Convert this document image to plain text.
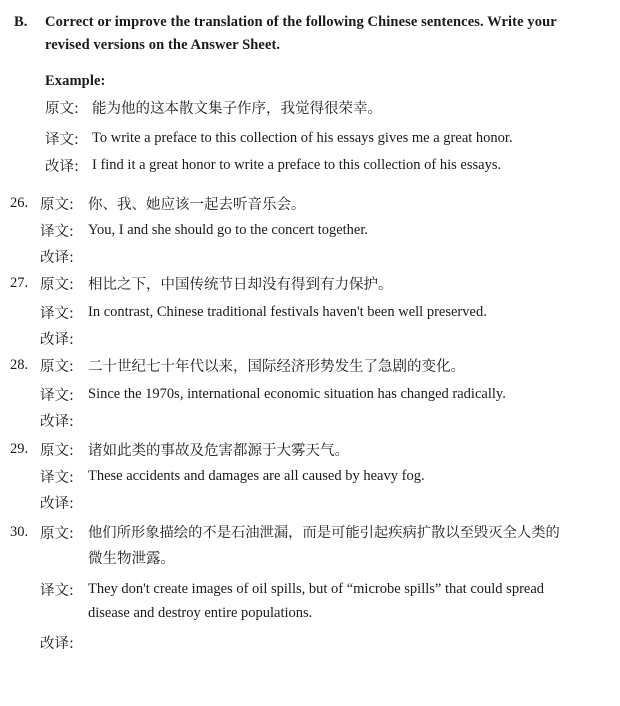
B. Correct or improve the translation of the following Chinese sentences. Write your
revised versions on the Answer Sheet.
Example:
原文: 能为他的这本散文集子作序，我觉得很荣幸。
译文: To write a preface to this collection of his essays gives me a great honor.
改译: I find it a great honor to write a preface to this collection of his essays.
26. 原文: 你、我、她应该一起去听音乐会。
译文: You, I and she should go to the concert together.
改译:
27. 原文: 相比之下，中国传统节日却没有得到有力保护。
译文: In contrast, Chinese traditional festivals haven't been well preserved.
改译:
28. 原文: 二十世纪七十年代以来，国际经济形势发生了急剧的变化。
译文: Since the 1970s, international economic situation has changed radically.
改译:
29. 原文: 诸如此类的事故及危害都源于大雾天气。
译文: These accidents and damages are all caused by heavy fog.
改译:
30. 原文: 他们所形象描绘的不是石油泄漏，而是可能引起疾病扩散以至毁灭全人类的
微生物泄露。
译文: They don't create images of oil spills, but of “microbe spills” that could spread
disease and destroy entire populations.
改译:
